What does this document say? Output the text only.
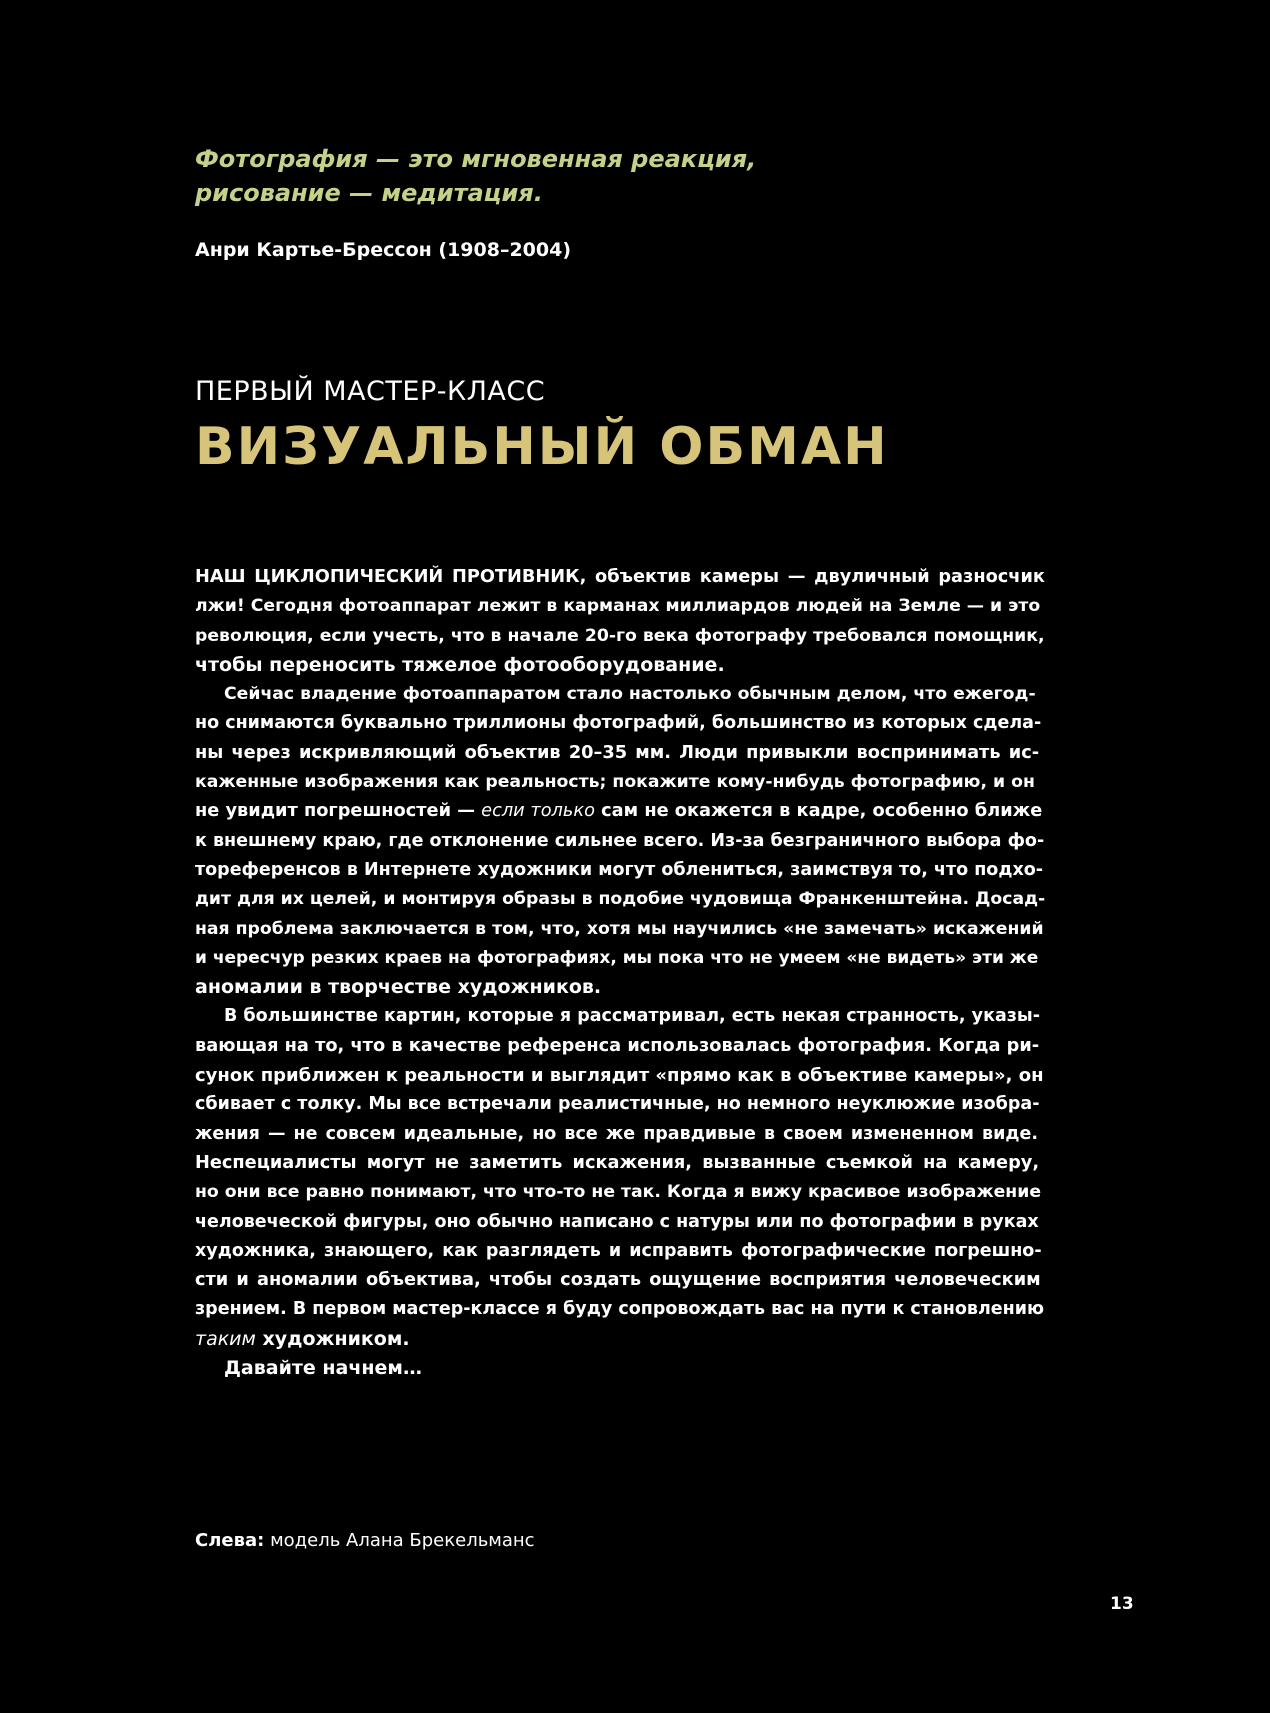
Фотография — это мгновенная реакция,
рисование — медитация.

Анри Картье-Брессон (1908–2004)

ПЕРВЫЙ МАСТЕР-КЛАСС
ВИЗУАЛЬНЫЙ ОБМАН
НАШ ЦИКЛОПИЧЕСКИЙ ПРОТИВНИК, объектив камеры — двуличный разносчик
лжи! Сегодня фотоаппарат лежит в карманах миллиардов людей на Земле — и это
революция, если учесть, что в начале 20-го века фотографу требовался помощник,
чтобы переносить тяжелое фотооборудование.
Сейчас владение фотоаппаратом стало настолько обычным делом, что ежегод-
но снимаются буквально триллионы фотографий, большинство из которых сдела-
ны через искривляющий объектив 20–35 мм. Люди привыкли воспринимать ис-
каженные изображения как реальность; покажите кому-нибудь фотографию, и он
не увидит погрешностей — если только сам не окажется в кадре, особенно ближе
к внешнему краю, где отклонение сильнее всего. Из-за безграничного выбора фо-
тореференсов в Интернете художники могут облениться, заимствуя то, что подхо-
дит для их целей, и монтируя образы в подобие чудовища Франкенштейна. Досад-
ная проблема заключается в том, что, хотя мы научились «не замечать» искажений
и чересчур резких краев на фотографиях, мы пока что не умеем «не видеть» эти же
аномалии в творчестве художников.
В большинстве картин, которые я рассматривал, есть некая странность, указы-
вающая на то, что в качестве референса использовалась фотография. Когда ри-
сунок приближен к реальности и выглядит «прямо как в объективе камеры», он
сбивает с толку. Мы все встречали реалистичные, но немного неуклюжие изобра-
жения — не совсем идеальные, но все же правдивые в своем измененном виде.
Неспециалисты могут не заметить искажения, вызванные съемкой на камеру,
но они все равно понимают, что что-то не так. Когда я вижу красивое изображение
человеческой фигуры, оно обычно написано с натуры или по фотографии в руках
художника, знающего, как разглядеть и исправить фотографические погрешно-
сти и аномалии объектива, чтобы создать ощущение восприятия человеческим
зрением. В первом мастер-классе я буду сопровождать вас на пути к становлению
таким художником.
Давайте начнем…

Слева: модель Алана Брекельманс

13
